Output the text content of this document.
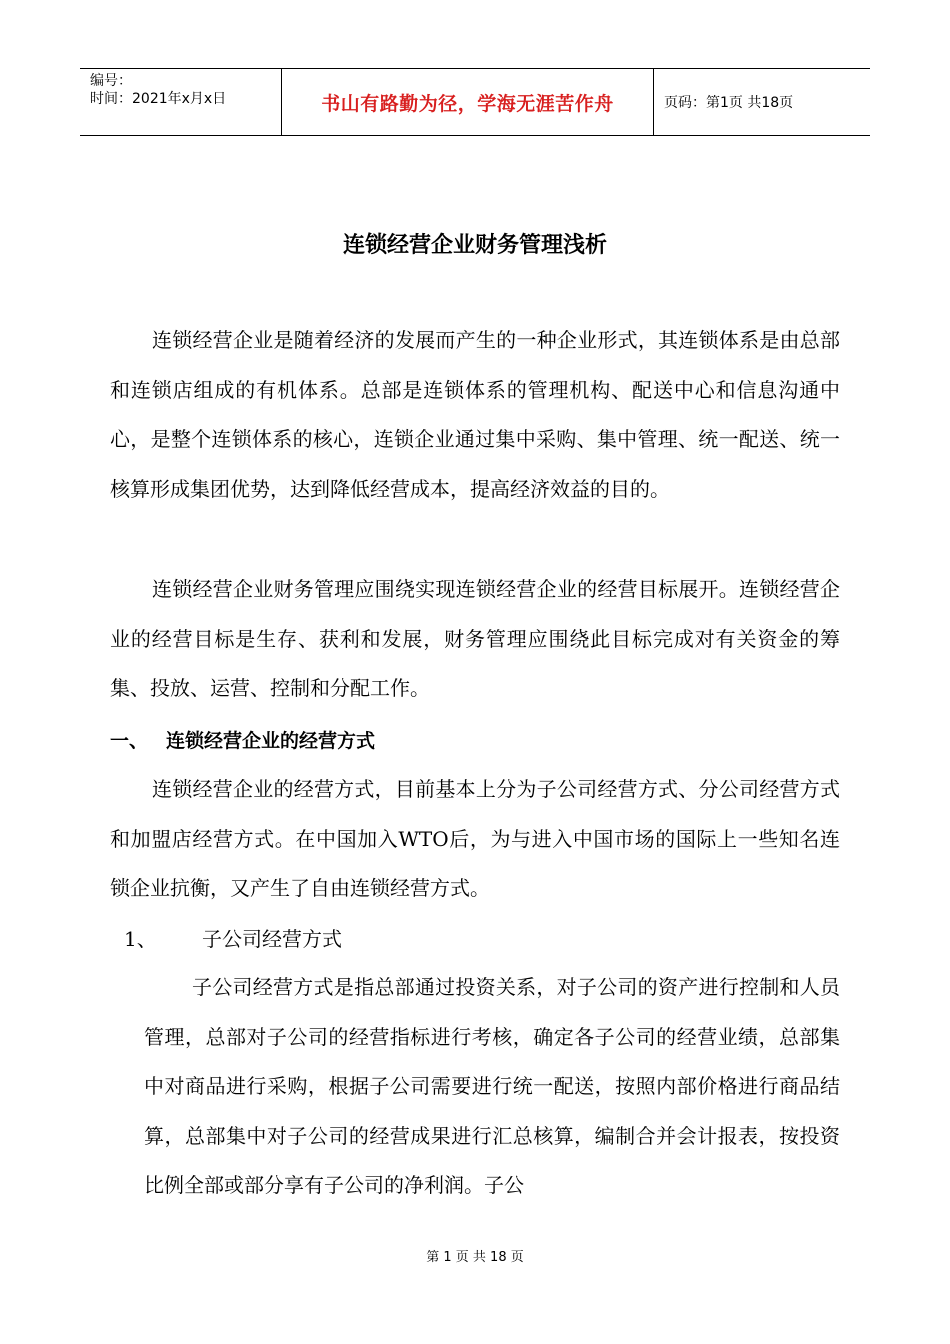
编号：
时间：2021年x月x日	书山有路勤为径，学海无涯苦作舟	页码：第1页 共18页
连锁经营企业财务管理浅析

连锁经营企业是随着经济的发展而产生的一种企业形式，其连锁体系是由总部和连锁店组成的有机体系。总部是连锁体系的管理机构、配送中心和信息沟通中心，是整个连锁体系的核心，连锁企业通过集中采购、集中管理、统一配送、统一核算形成集团优势，达到降低经营成本，提高经济效益的目的。

连锁经营企业财务管理应围绕实现连锁经营企业的经营目标展开。连锁经营企业的经营目标是生存、获利和发展，财务管理应围绕此目标完成对有关资金的筹集、投放、运营、控制和分配工作。

一、 连锁经营企业的经营方式

连锁经营企业的经营方式，目前基本上分为子公司经营方式、分公司经营方式和加盟店经营方式。在中国加入WTO后，为与进入中国市场的国际上一些知名连锁企业抗衡，又产生了自由连锁经营方式。

1、	子公司经营方式

子公司经营方式是指总部通过投资关系，对子公司的资产进行控制和人员管理，总部对子公司的经营指标进行考核，确定各子公司的经营业绩，总部集中对商品进行采购，根据子公司需要进行统一配送，按照内部价格进行商品结算，总部集中对子公司的经营成果进行汇总核算，编制合并会计报表，按投资比例全部或部分享有子公司的净利润。子公

第 1 页 共 18 页
